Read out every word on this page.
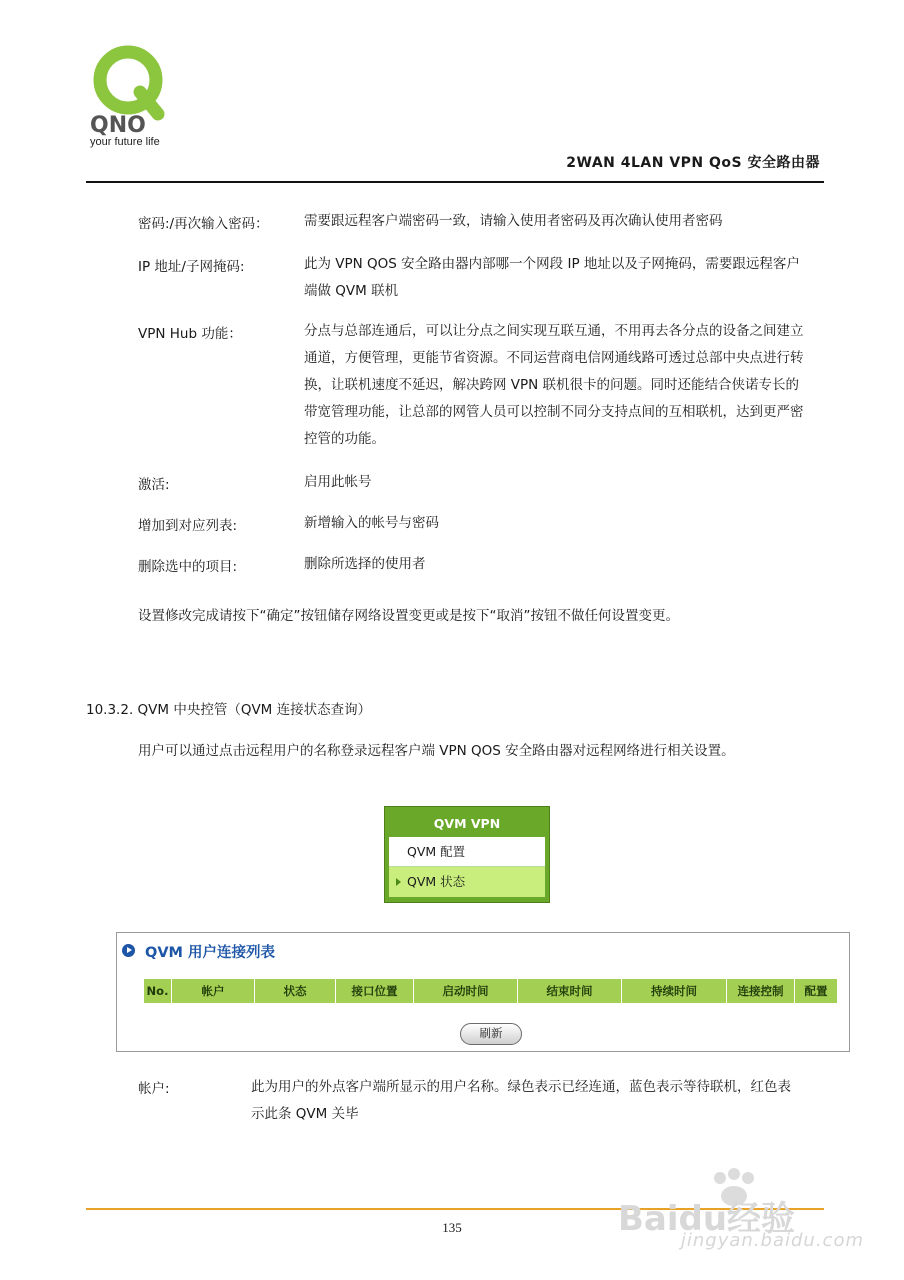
QNO
your future life
2WAN 4LAN VPN QoS 安全路由器
密码:/再次输入密码：	需要跟远程客户端密码一致，请输入使用者密码及再次确认使用者密码
IP 地址/子网掩码:	此为 VPN QOS 安全路由器内部哪一个网段 IP 地址以及子网掩码，需要跟远程客户端做 QVM 联机
VPN Hub 功能：	分点与总部连通后，可以让分点之间实现互联互通，不用再去各分点的设备之间建立通道，方便管理，更能节省资源。不同运营商电信网通线路可透过总部中央点进行转换，让联机速度不延迟，解决跨网 VPN 联机很卡的问题。同时还能结合侠诺专长的带宽管理功能，让总部的网管人员可以控制不同分支持点间的互相联机，达到更严密控管的功能。
激活:	启用此帐号
增加到对应列表:	新增输入的帐号与密码
删除选中的项目:	删除所选择的使用者
设置修改完成请按下“确定”按钮储存网络设置变更或是按下“取消”按钮不做任何设置变更。
10.3.2. QVM 中央控管（QVM 连接状态查询）
用户可以通过点击远程用户的名称登录远程客户端 VPN QOS 安全路由器对远程网络进行相关设置。
QVM VPN
QVM 配置
QVM 状态
QVM 用户连接列表
No.	帐户	状态	接口位置	启动时间	结束时间	持续时间	连接控制	配置
刷新
帐户:	此为用户的外点客户端所显示的用户名称。绿色表示已经连通，蓝色表示等待联机，红色表示此条 QVM 关毕
135	Baidu经验
jingyan.baidu.com
